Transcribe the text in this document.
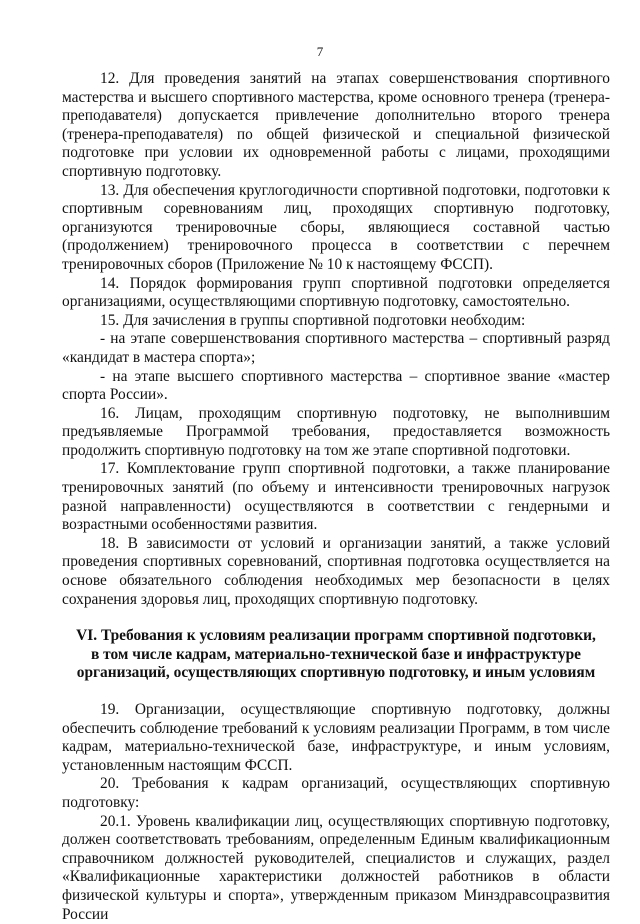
7

12. Для проведения занятий на этапах совершенствования спортивного мастерства и высшего спортивного мастерства, кроме основного тренера (тренера-преподавателя) допускается привлечение дополнительно второго тренера (тренера-преподавателя) по общей физической и специальной физической подготовке при условии их одновременной работы с лицами, проходящими спортивную подготовку.

13. Для обеспечения круглогодичности спортивной подготовки, подготовки к спортивным соревнованиям лиц, проходящих спортивную подготовку, организуются тренировочные сборы, являющиеся составной частью (продолжением) тренировочного процесса в соответствии с перечнем тренировочных сборов (Приложение № 10 к настоящему ФССП).

14. Порядок формирования групп спортивной подготовки определяется организациями, осуществляющими спортивную подготовку, самостоятельно.

15. Для зачисления в группы спортивной подготовки необходим:

- на этапе совершенствования спортивного мастерства – спортивный разряд «кандидат в мастера спорта»;

- на этапе высшего спортивного мастерства – спортивное звание «мастер спорта России».

16. Лицам, проходящим спортивную подготовку, не выполнившим предъявляемые Программой требования, предоставляется возможность продолжить спортивную подготовку на том же этапе спортивной подготовки.

17. Комплектование групп спортивной подготовки, а также планирование тренировочных занятий (по объему и интенсивности тренировочных нагрузок разной направленности) осуществляются в соответствии с гендерными и возрастными особенностями развития.

18. В зависимости от условий и организации занятий, а также условий проведения спортивных соревнований, спортивная подготовка осуществляется на основе обязательного соблюдения необходимых мер безопасности в целях сохранения здоровья лиц, проходящих спортивную подготовку.

VI. Требования к условиям реализации программ спортивной подготовки,
в том числе кадрам, материально-технической базе и инфраструктуре
организаций, осуществляющих спортивную подготовку, и иным условиям

19. Организации, осуществляющие спортивную подготовку, должны обеспечить соблюдение требований к условиям реализации Программ, в том числе кадрам, материально-технической базе, инфраструктуре, и иным условиям, установленным настоящим ФССП.

20. Требования к кадрам организаций, осуществляющих спортивную подготовку:

20.1. Уровень квалификации лиц, осуществляющих спортивную подготовку, должен соответствовать требованиям, определенным Единым квалификационным справочником должностей руководителей, специалистов и служащих, раздел «Квалификационные характеристики должностей работников в области физической культуры и спорта», утвержденным приказом Минздравсоцразвития России
